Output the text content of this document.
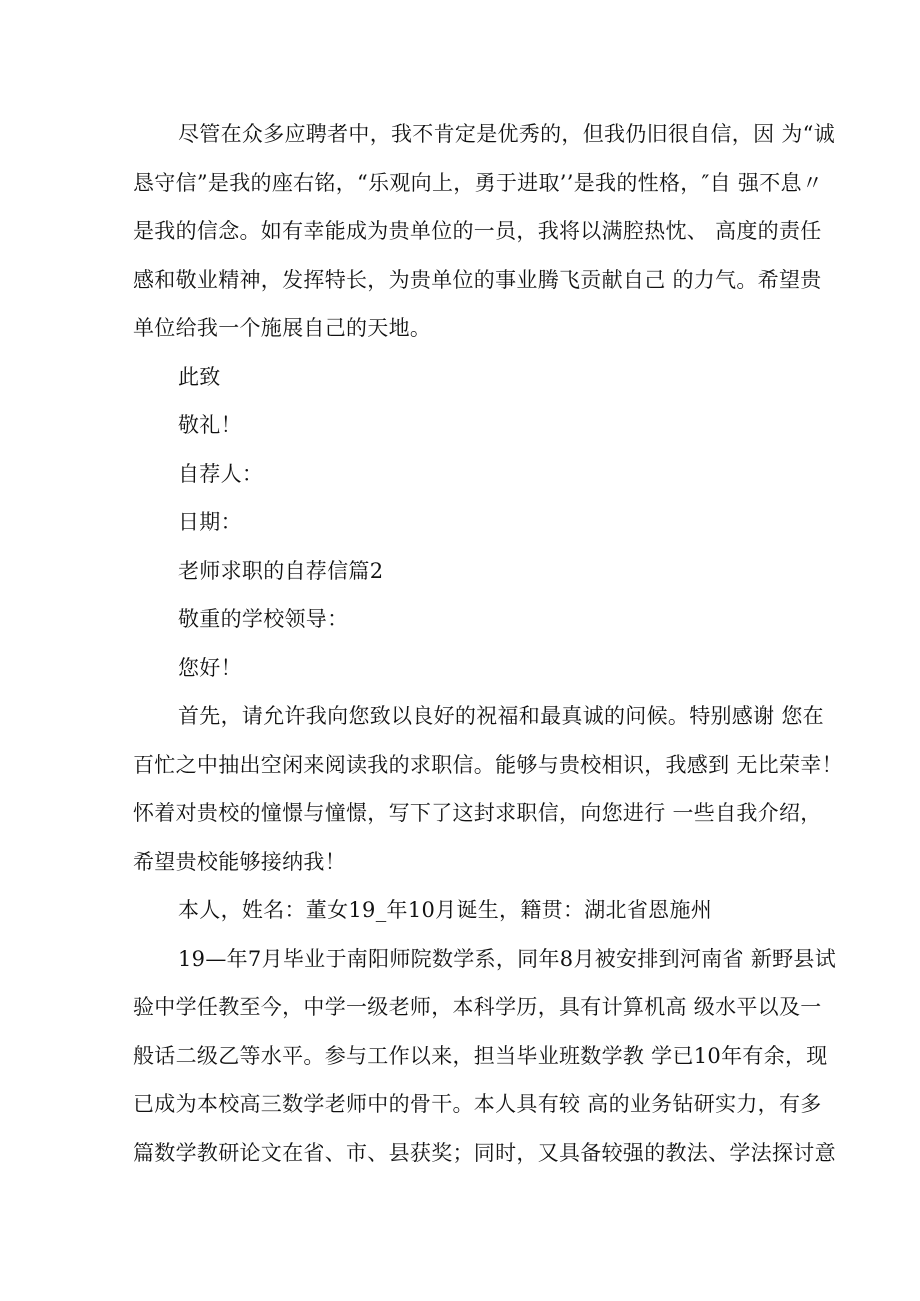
尽管在众多应聘者中，我不肯定是优秀的，但我仍旧很自信，因 为“诚
恳守信”是我的座右铭，“乐观向上，勇于进取’’是我的性格，″自 强不息〃
是我的信念。如有幸能成为贵单位的一员，我将以满腔热忱、 高度的责任
感和敬业精神，发挥特长，为贵单位的事业腾飞贡献自己 的力气。希望贵
单位给我一个施展自己的天地。
此致
敬礼！
自荐人：
日期：
老师求职的自荐信篇2
敬重的学校领导：
您好！
首先，请允许我向您致以良好的祝福和最真诚的问候。特别感谢 您在
百忙之中抽出空闲来阅读我的求职信。能够与贵校相识，我感到 无比荣幸！
怀着对贵校的憧憬与憧憬，写下了这封求职信，向您进行 一些自我介绍，
希望贵校能够接纳我！
本人，姓名：董女19_年10月诞生，籍贯：湖北省恩施州
19—年7月毕业于南阳师院数学系，同年8月被安排到河南省 新野县试
验中学任教至今，中学一级老师，本科学历，具有计算机高 级水平以及一
般话二级乙等水平。参与工作以来，担当毕业班数学教 学已10年有余，现
已成为本校高三数学老师中的骨干。本人具有较 高的业务钻研实力，有多
篇数学教研论文在省、市、县获奖；同时，又具备较强的教法、学法探讨意
